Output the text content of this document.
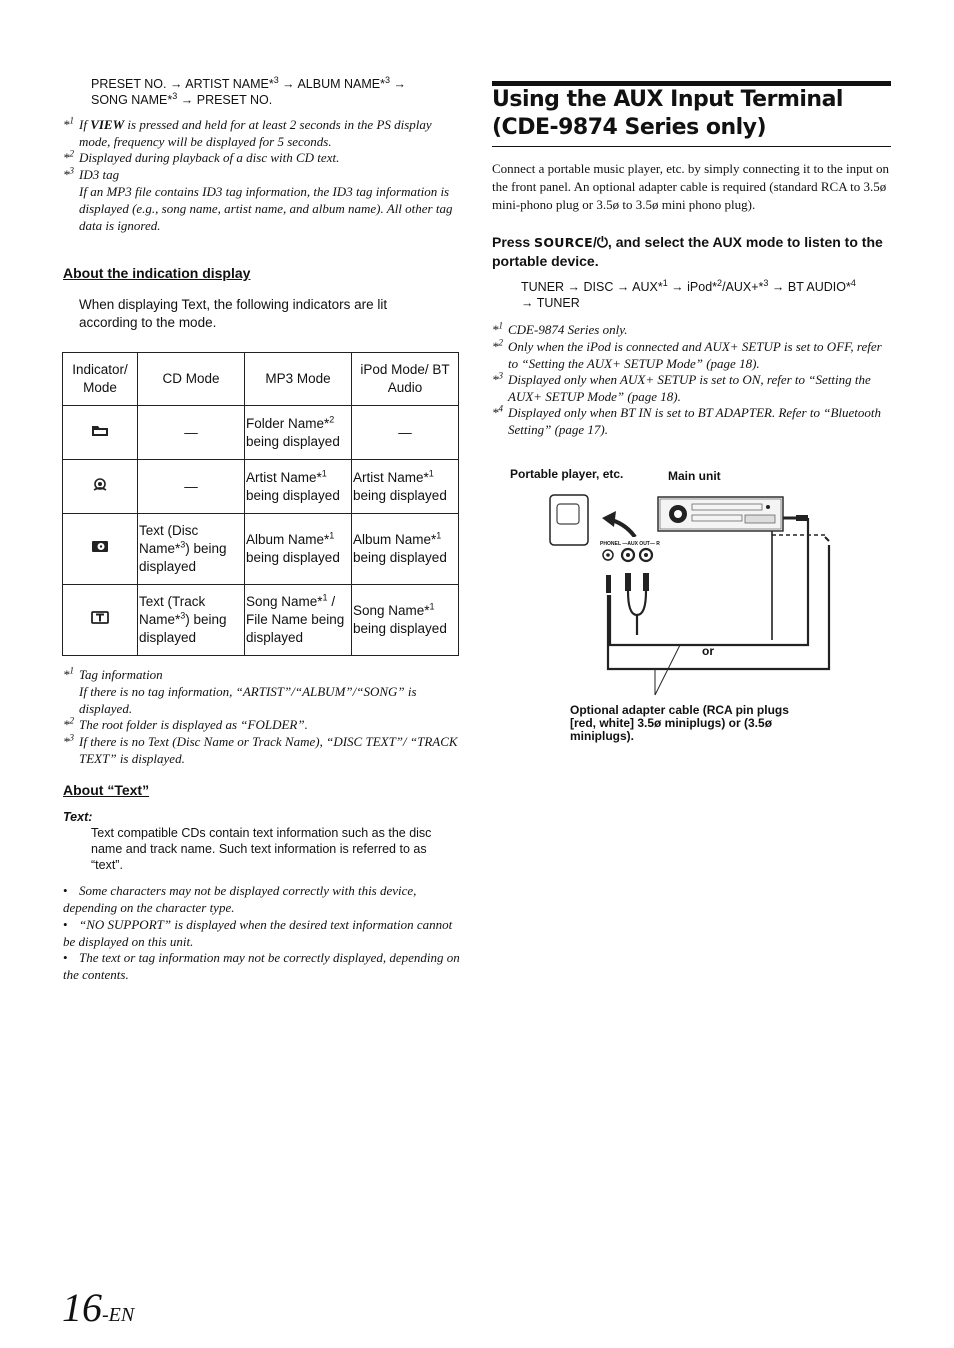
PRESET NO. → ARTIST NAME*$^3$ → ALBUM NAME*$^3$ →
SONG NAME*$^3$ → PRESET NO.
*$^1$ If VIEW is pressed and held for at least 2 seconds in the PS display mode, frequency will be displayed for 5 seconds.
*$^2$ Displayed during playback of a disc with CD text.
*$^3$ ID3 tag
If an MP3 file contains ID3 tag information, the ID3 tag information is displayed (e.g., song name, artist name, and album name). All other tag data is ignored.
About the indication display
When displaying Text, the following indicators are lit according to the mode.
Indicator/ Mode	CD Mode	MP3 Mode	iPod Mode/ BT Audio
	—	Folder Name*$^2$ being displayed	—
	—	Artist Name*$^1$ being displayed	Artist Name*$^1$ being displayed
	Text (Disc Name*$^3$) being displayed	Album Name*$^1$ being displayed	Album Name*$^1$ being displayed
	Text (Track Name*$^3$) being displayed	Song Name*$^1$ / File Name being displayed	Song Name*$^1$ being displayed
*$^1$ Tag information
If there is no tag information, “ARTIST”/“ALBUM”/“SONG” is displayed.
*$^2$ The root folder is displayed as “FOLDER”.
*$^3$ If there is no Text (Disc Name or Track Name), “DISC TEXT”/ “TRACK TEXT” is displayed.
About “Text”
Text:
Text compatible CDs contain text information such as the disc name and track name. Such text information is referred to as “text”.
• Some characters may not be displayed correctly with this device, depending on the character type.
• “NO SUPPORT” is displayed when the desired text information cannot be displayed on this unit.
• The text or tag information may not be correctly displayed, depending on the contents.
Using the AUX Input Terminal
(CDE-9874 Series only)
Connect a portable music player, etc. by simply connecting it to the input on the front panel. An optional adapter cable is required (standard RCA to 3.5ø mini-phono plug or 3.5ø to 3.5ø mini phono plug).
Press SOURCE/⏻, and select the AUX mode to listen to the portable device.
TUNER → DISC → AUX*$^1$ → iPod*$^2$/AUX+*$^3$ → BT AUDIO*$^4$
→ TUNER
*$^1$ CDE-9874 Series only.
*$^2$ Only when the iPod is connected and AUX+ SETUP is set to OFF, refer to “Setting the AUX+ SETUP Mode” (page 18).
*$^3$ Displayed only when AUX+ SETUP is set to ON, refer to “Setting the AUX+ SETUP Mode” (page 18).
*$^4$ Displayed only when BT IN is set to BT ADAPTER. Refer to “Bluetooth Setting” (page 17).
Portable player, etc.	Main unit
PHONE L —AUX OUT— R
or
Optional adapter cable (RCA pin plugs [red, white] 3.5ø miniplugs) or (3.5ø miniplugs).
16-EN
